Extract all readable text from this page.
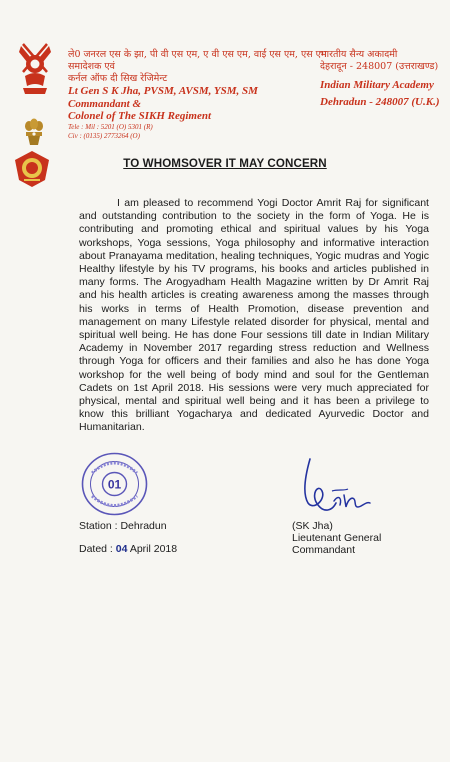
ले0 जनरल एस के झा, पी वी एस एम, ए वी एस एम, वाई एस एम, एस एम
समादेशक एवं
कर्नल ऑफ दी सिख रेजिमेन्ट
Lt Gen S K Jha, PVSM, AVSM, YSM, SM
Commandant &
Colonel of The SIKH Regiment
Tele : Mil : 5201 (O) 5301 (R)
Civ : (0135) 2773264 (O)
भारतीय सैन्य अकादमी
देहरादून - 248007 (उत्तराखण्ड)
Indian Military Academy
Dehradun - 248007 (U.K.)
TO WHOMSOVER IT MAY CONCERN

I am pleased to recommend Yogi Doctor Amrit Raj for significant and outstanding contribution to the society in the form of Yoga. He is contributing and promoting ethical and spiritual values by his Yoga workshops, Yoga sessions, Yoga philosophy and informative interaction about Pranayama meditation, healing techniques, Yogic mudras and Yogic Healthy lifestyle by his TV programs, his books and articles published in many forms. The Arogyadham Health Magazine written by Dr Amrit Raj and his health articles is creating awareness among the masses through his works in terms of Health Promotion, disease prevention and management on many Lifestyle related disorder for physical, mental and spiritual well being. He has done Four sessions till date in Indian Military Academy in November 2017 regarding stress reduction and Wellness through Yoga for officers and their families and also he has done Yoga workshop for the well being of body mind and soul for the Gentleman Cadets on 1st April 2018. His sessions were very much appreciated for physical, mental and spiritual well being and it has been a privilege to know this brilliant Yogacharya and dedicated Ayurvedic Doctor and Humanitarian.

01
Station : Dehradun
Dated : 04 April 2018
(SK Jha)
Lieutenant General
Commandant
